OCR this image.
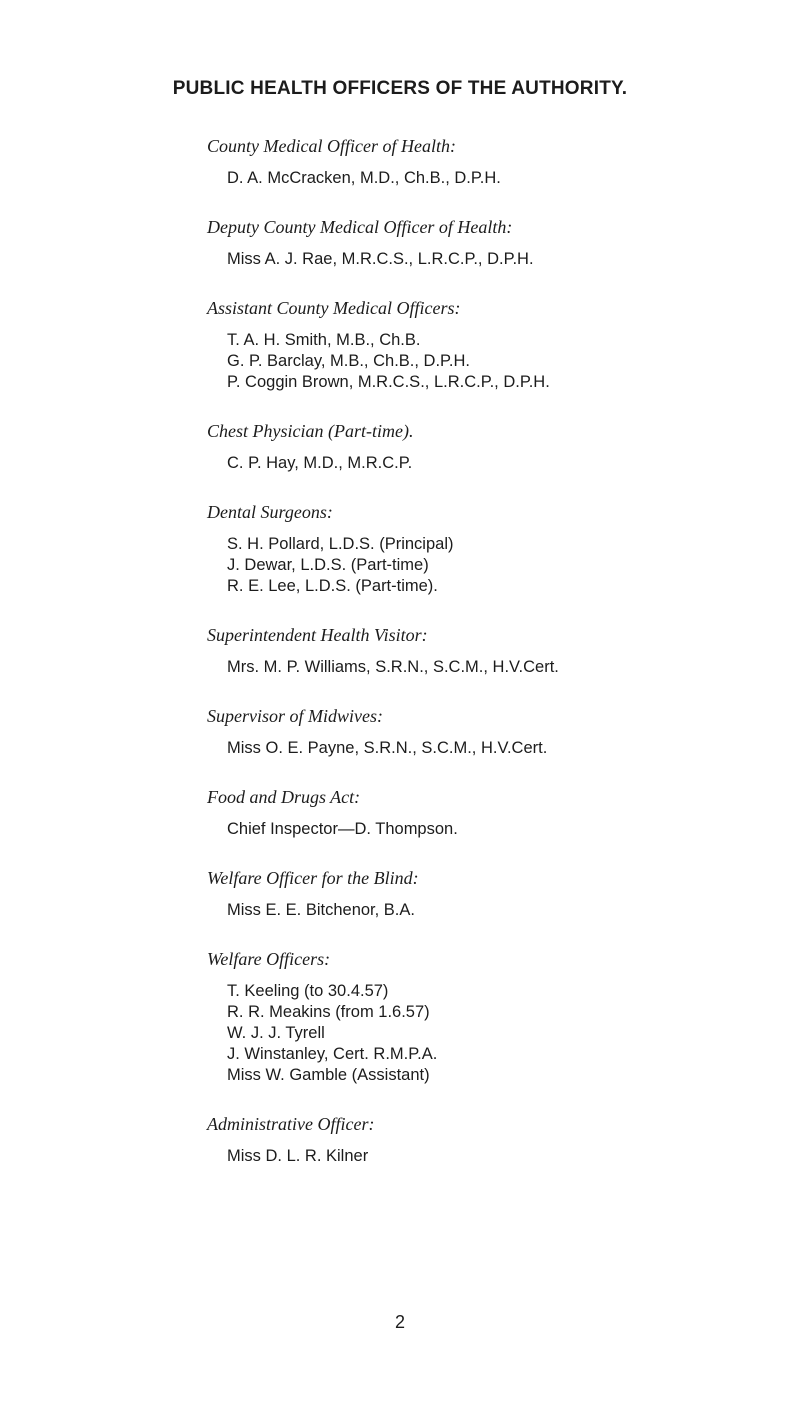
PUBLIC HEALTH OFFICERS OF THE AUTHORITY.
County Medical Officer of Health:
D. A. McCracken, M.D., Ch.B., D.P.H.
Deputy County Medical Officer of Health:
Miss A. J. Rae, M.R.C.S., L.R.C.P., D.P.H.
Assistant County Medical Officers:
T. A. H. Smith, M.B., Ch.B.
G. P. Barclay, M.B., Ch.B., D.P.H.
P. Coggin Brown, M.R.C.S., L.R.C.P., D.P.H.
Chest Physician (Part-time).
C. P. Hay, M.D., M.R.C.P.
Dental Surgeons:
S. H. Pollard, L.D.S. (Principal)
J. Dewar, L.D.S. (Part-time)
R. E. Lee, L.D.S. (Part-time).
Superintendent Health Visitor:
Mrs. M. P. Williams, S.R.N., S.C.M., H.V.Cert.
Supervisor of Midwives:
Miss O. E. Payne, S.R.N., S.C.M., H.V.Cert.
Food and Drugs Act:
Chief Inspector—D. Thompson.
Welfare Officer for the Blind:
Miss E. E. Bitchenor, B.A.
Welfare Officers:
T. Keeling (to 30.4.57)
R. R. Meakins (from 1.6.57)
W. J. J. Tyrell
J. Winstanley, Cert. R.M.P.A.
Miss W. Gamble (Assistant)
Administrative Officer:
Miss D. L. R. Kilner
2
